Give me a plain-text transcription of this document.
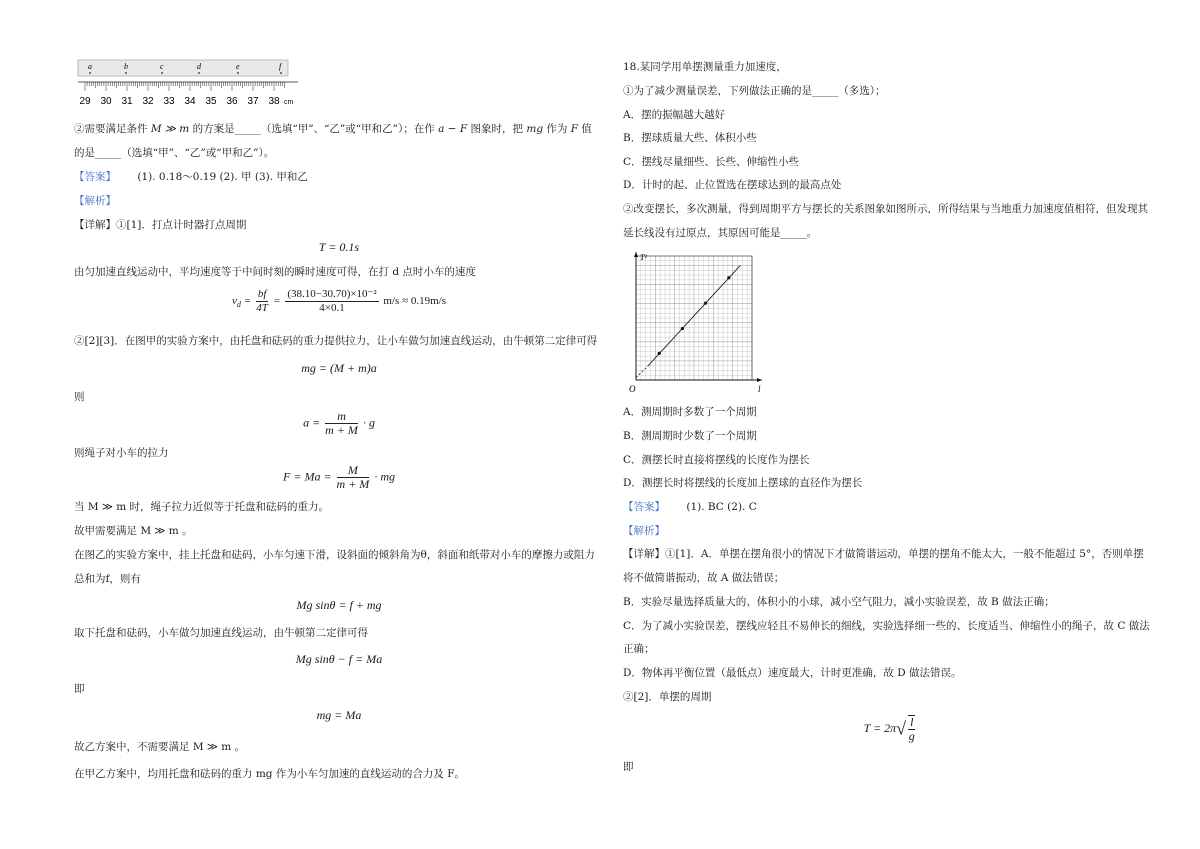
a	b	c	d	e	f
29 30 31 32 33 34 35 36 37 38 cm
②需要满足条件 M ≫ m 的方案是_____（选填“甲”、“乙”或“甲和乙”）；在作 a − F 图象时，把 mg 作为 F 值
的是_____（选填“甲”、“乙”或“甲和乙”）。
【答案】 (1). 0.18～0.19 (2). 甲 (3). 甲和乙
【解析】
【详解】①[1]．打点计时器打点周期
T = 0.1s
由匀加速直线运动中，平均速度等于中间时刻的瞬时速度可得，在打 d 点时小车的速度
$v_d = \frac{bf}{4T} = \frac{\text{(38.10−30.70)×10⁻²}}{4\times 0.1} m/s \approx 0.19m/s$
②[2][3]．在图甲的实验方案中，由托盘和砝码的重力提供拉力，让小车做匀加速直线运动，由牛顿第二定律可得
mg = (M + m)a
则
$a = \frac{m}{m + M} \cdot g$
则绳子对小车的拉力
$F = Ma = \frac{M}{m + M}$ · mg
当 M ≫ m 时，绳子拉力近似等于托盘和砝码的重力。
故甲需要满足 M ≫ m 。
在图乙的实验方案中，挂上托盘和砝码，小车匀速下滑，设斜面的倾斜角为θ，斜面和纸带对小车的摩擦力或阻力
总和为f，则有
Mg sinθ = f + mg
取下托盘和砝码，小车做匀加速直线运动，由牛顿第二定律可得
Mg sinθ − f = Ma
即
mg = Ma
故乙方案中，不需要满足 M ≫ m 。
在甲乙方案中，均用托盘和砝码的重力 mg 作为小车匀加速的直线运动的合力及 F。
18.某同学用单摆测量重力加速度，
①为了减少测量误差，下列做法正确的是_____（多选）；
A．摆的振幅越大越好
B．摆球质量大些、体积小些
C．摆线尽量细些、长些、伸缩性小些
D．计时的起、止位置选在摆球达到的最高点处
②改变摆长，多次测量，得到周期平方与摆长的关系图象如图所示，所得结果与当地重力加速度值相符，但发现其
延长线没有过原点，其原因可能是_____。
T²
l
O
A．测周期时多数了一个周期
B．测周期时少数了一个周期
C．测摆长时直接将摆线的长度作为摆长
D．测摆长时将摆线的长度加上摆球的直径作为摆长
【答案】 (1). BC (2). C
【解析】
【详解】①[1]．A．单摆在摆角很小的情况下才做简谐运动，单摆的摆角不能太大，一般不能超过 5°，否则单摆
将不做简谐振动，故 A 做法错误；
B．实验尽量选择质量大的、体积小的小球，减小空气阻力，减小实验误差，故 B 做法正确；
C．为了减小实验误差，摆线应轻且不易伸长的细线，实验选择细一些的、长度适当、伸缩性小的绳子，故 C 做法
正确；
D．物体再平衡位置（最低点）速度最大，计时更准确，故 D 做法错误。
②[2]．单摆的周期
$T = 2\pi√ \frac{l}{g}$
即
